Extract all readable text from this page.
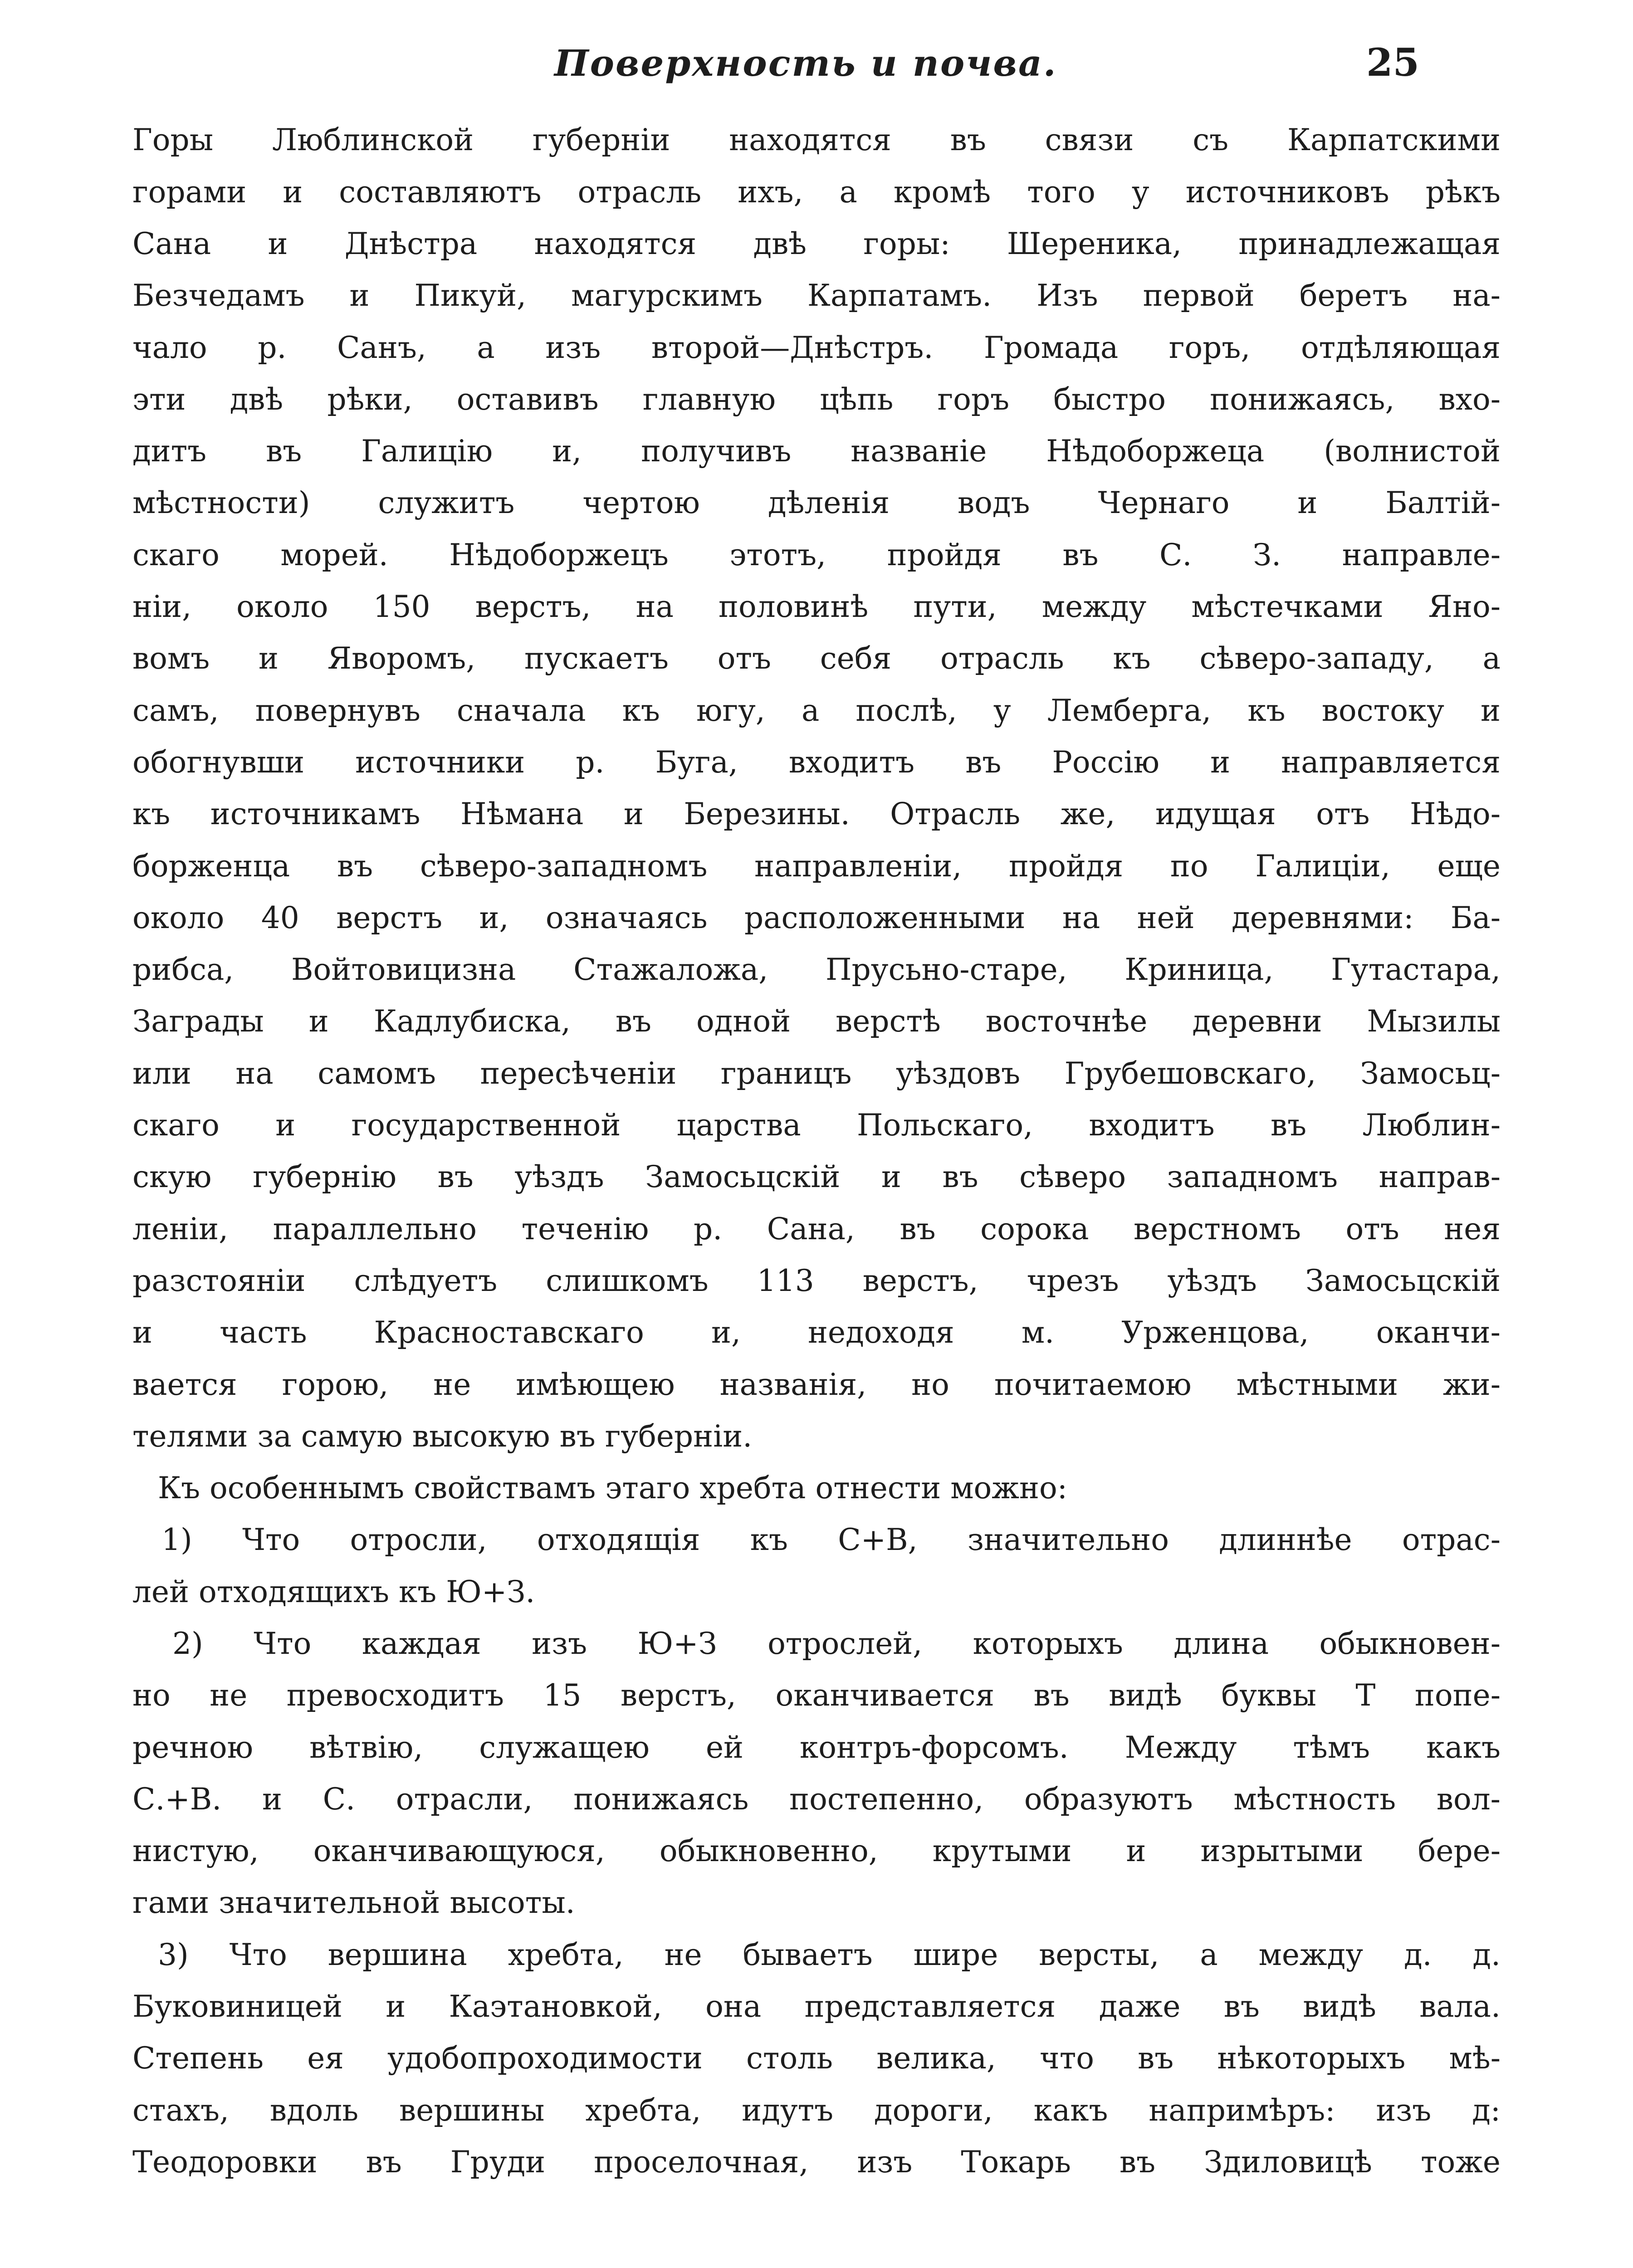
Поверхность и почва.	25
Горы Люблинской губерніи находятся въ связи съ Карпатскими
горами и составляютъ отрасль ихъ, а кромѣ того у источниковъ рѣкъ
Сана и Днѣстра находятся двѣ горы: Шереника, принадлежащая
Безчедамъ и Пикуй, магурскимъ Карпатамъ. Изъ первой беретъ на-
чало р. Санъ, а изъ второй—Днѣстръ. Громада горъ, отдѣляющая
эти двѣ рѣки, оставивъ главную цѣпь горъ быстро понижаясь, вхо-
дитъ въ Галицію и, получивъ названіе Нѣдоборжеца (волнистой
мѣстности) служитъ чертою дѣленія водъ Чернаго и Балтій-
скаго морей. Нѣдоборжецъ этотъ, пройдя въ С. З. направле-
ніи, около 150 верстъ, на половинѣ пути, между мѣстечками Яно-
вомъ и Яворомъ, пускаетъ отъ себя отрасль къ сѣверо-западу, а
самъ, повернувъ сначала къ югу, а послѣ, у Лемберга, къ востоку и
обогнувши источники р. Буга, входитъ въ Россію и направляется
къ источникамъ Нѣмана и Березины. Отрасль же, идущая отъ Нѣдо-
борженца въ сѣверо-западномъ направленіи, пройдя по Галиціи, еще
около 40 верстъ и, означаясь расположенными на ней деревнями: Ба-
рибса, Войтовицизна Стажаложа, Прусьно-старе, Криница, Гутастара,
Заграды и Кадлубиска, въ одной верстѣ восточнѣе деревни Мызилы
или на самомъ пересѣченіи границъ уѣздовъ Грубешовскаго, Замосьц-
скаго и государственной царства Польскаго, входитъ въ Люблин-
скую губернію въ уѣздъ Замосьцскій и въ сѣверо западномъ направ-
леніи, параллельно теченію р. Сана, въ сорока верстномъ отъ нея
разстояніи слѣдуетъ слишкомъ 113 верстъ, чрезъ уѣздъ Замосьцскій
и часть Красноставскаго и, недоходя м. Урженцова, оканчи-
вается горою, не имѣющею названія, но почитаемою мѣстными жи-
телями за самую высокую въ губерніи.
Къ особеннымъ свойствамъ этаго хребта отнести можно:
1) Что отросли, отходящія къ С+В, значительно длиннѣе отрас-
лей отходящихъ къ Ю+З.
2) Что каждая изъ Ю+З отрослей, которыхъ длина обыкновен-
но не превосходитъ 15 верстъ, оканчивается въ видѣ буквы Т попе-
речною вѣтвію, служащею ей контръ-форсомъ. Между тѣмъ какъ
С.+В. и С. отрасли, понижаясь постепенно, образуютъ мѣстность вол-
нистую, оканчивающуюся, обыкновенно, крутыми и изрытыми бере-
гами значительной высоты.
3) Что вершина хребта, не бываетъ шире версты, а между д. д.
Буковиницей и Каэтановкой, она представляется даже въ видѣ вала.
Степень ея удобопроходимости столь велика, что въ нѣкоторыхъ мѣ-
стахъ, вдоль вершины хребта, идутъ дороги, какъ напримѣръ: изъ д:
Теодоровки въ Груди проселочная, изъ Токарь въ Здиловицѣ тоже
